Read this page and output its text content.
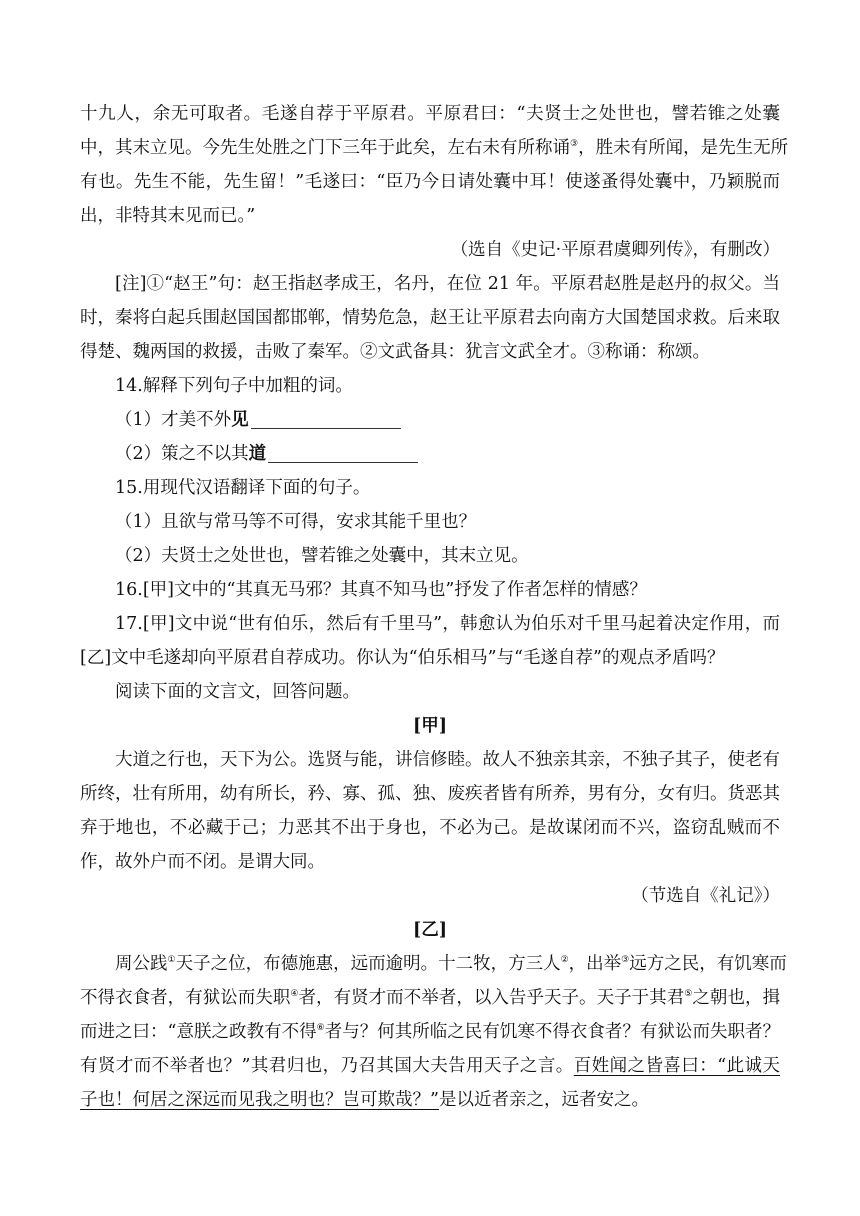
十九人，余无可取者。毛遂自荐于平原君。平原君曰：“夫贤士之处世也，譬若锥之处囊
中，其末立见。今先生处胜之门下三年于此矣，左右未有所称诵③，胜未有所闻，是先生无所
有也。先生不能，先生留！”毛遂曰：“臣乃今日请处囊中耳！使遂蚤得处囊中，乃颖脱而
出，非特其末见而已。”
（选自《史记·平原君虞卿列传》，有删改）
[注]①“赵王”句：赵王指赵孝成王，名丹，在位 21 年。平原君赵胜是赵丹的叔父。当
时，秦将白起兵围赵国国都邯郸，情势危急，赵王让平原君去向南方大国楚国求救。后来取
得楚、魏两国的救援，击败了秦军。②文武备具：犹言文武全才。③称诵：称颂。
14.解释下列句子中加粗的词。
（1）才美不外见
（2）策之不以其道
15.用现代汉语翻译下面的句子。
（1）且欲与常马等不可得，安求其能千里也？
（2）夫贤士之处世也，譬若锥之处囊中，其末立见。
16.[甲]文中的“其真无马邪？其真不知马也”抒发了作者怎样的情感？
17.[甲]文中说“世有伯乐，然后有千里马”，韩愈认为伯乐对千里马起着决定作用，而
[乙]文中毛遂却向平原君自荐成功。你认为“伯乐相马”与“毛遂自荐”的观点矛盾吗？
阅读下面的文言文，回答问题。
[甲]
大道之行也，天下为公。选贤与能，讲信修睦。故人不独亲其亲，不独子其子，使老有
所终，壮有所用，幼有所长，矜、寡、孤、独、废疾者皆有所养，男有分，女有归。货恶其
弃于地也，不必藏于己；力恶其不出于身也，不必为己。是故谋闭而不兴，盗窃乱贼而不
作，故外户而不闭。是谓大同。
（节选自《礼记》）
[乙]
周公践①天子之位，布德施惠，远而逾明。十二牧，方三人②，出举③远方之民，有饥寒而
不得衣食者，有狱讼而失职④者，有贤才而不举者，以入告乎天子。天子于其君⑤之朝也，揖
而进之曰：“意朕之政教有不得⑥者与？何其所临之民有饥寒不得衣食者？有狱讼而失职者？
有贤才而不举者也？”其君归也，乃召其国大夫告用天子之言。百姓闻之皆喜曰：“此诚天
子也！何居之深远而见我之明也？岂可欺哉？”是以近者亲之，远者安之。
